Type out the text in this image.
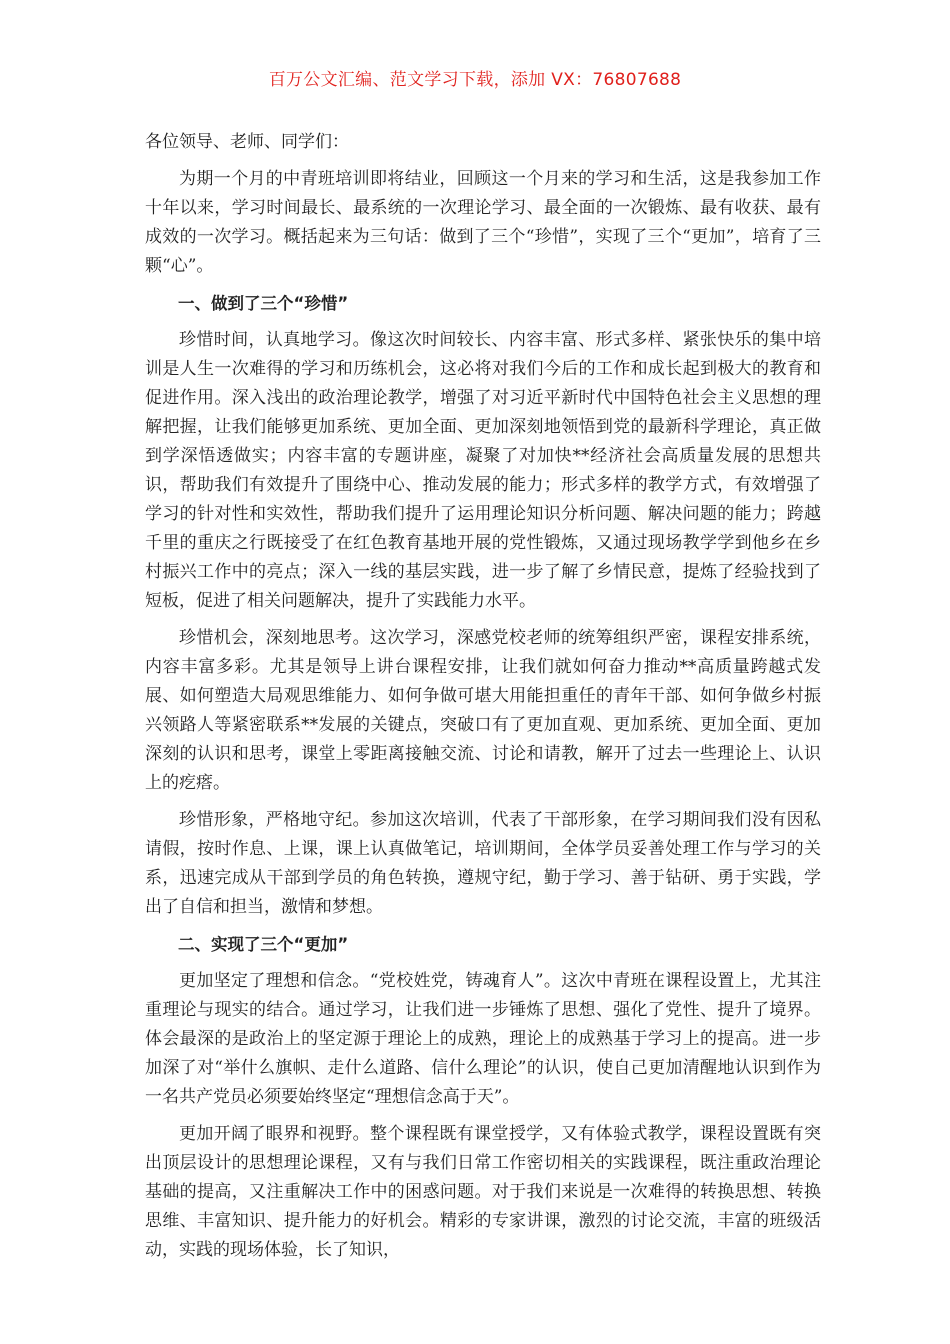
百万公文汇编、范文学习下载，添加 VX：76807688

各位领导、老师、同学们：

为期一个月的中青班培训即将结业，回顾这一个月来的学习和生活，这是我参加工作十年以来，学习时间最长、最系统的一次理论学习、最全面的一次锻炼、最有收获、最有成效的一次学习。概括起来为三句话：做到了三个“珍惜”，实现了三个“更加”，培育了三颗“心”。

一、做到了三个“珍惜”

珍惜时间，认真地学习。像这次时间较长、内容丰富、形式多样、紧张快乐的集中培训是人生一次难得的学习和历练机会，这必将对我们今后的工作和成长起到极大的教育和促进作用。深入浅出的政治理论教学，增强了对习近平新时代中国特色社会主义思想的理解把握，让我们能够更加系统、更加全面、更加深刻地领悟到党的最新科学理论，真正做到学深悟透做实；内容丰富的专题讲座，凝聚了对加快**经济社会高质量发展的思想共识，帮助我们有效提升了围绕中心、推动发展的能力；形式多样的教学方式，有效增强了学习的针对性和实效性，帮助我们提升了运用理论知识分析问题、解决问题的能力；跨越千里的重庆之行既接受了在红色教育基地开展的党性锻炼，又通过现场教学学到他乡在乡村振兴工作中的亮点；深入一线的基层实践，进一步了解了乡情民意，提炼了经验找到了短板，促进了相关问题解决，提升了实践能力水平。

珍惜机会，深刻地思考。这次学习，深感党校老师的统筹组织严密，课程安排系统，内容丰富多彩。尤其是领导上讲台课程安排，让我们就如何奋力推动**高质量跨越式发展、如何塑造大局观思维能力、如何争做可堪大用能担重任的青年干部、如何争做乡村振兴领路人等紧密联系**发展的关键点，突破口有了更加直观、更加系统、更加全面、更加深刻的认识和思考，课堂上零距离接触交流、讨论和请教，解开了过去一些理论上、认识上的疙瘩。

珍惜形象，严格地守纪。参加这次培训，代表了干部形象，在学习期间我们没有因私请假，按时作息、上课，课上认真做笔记，培训期间，全体学员妥善处理工作与学习的关系，迅速完成从干部到学员的角色转换，遵规守纪，勤于学习、善于钻研、勇于实践，学出了自信和担当，激情和梦想。

二、实现了三个“更加”

更加坚定了理想和信念。“党校姓党，铸魂育人”。这次中青班在课程设置上，尤其注重理论与现实的结合。通过学习，让我们进一步锤炼了思想、强化了党性、提升了境界。体会最深的是政治上的坚定源于理论上的成熟，理论上的成熟基于学习上的提高。进一步加深了对“举什么旗帜、走什么道路、信什么理论”的认识，使自己更加清醒地认识到作为一名共产党员必须要始终坚定“理想信念高于天”。

更加开阔了眼界和视野。整个课程既有课堂授学，又有体验式教学，课程设置既有突出顶层设计的思想理论课程，又有与我们日常工作密切相关的实践课程，既注重政治理论基础的提高，又注重解决工作中的困惑问题。对于我们来说是一次难得的转换思想、转换思维、丰富知识、提升能力的好机会。精彩的专家讲课，激烈的讨论交流，丰富的班级活动，实践的现场体验，长了知识，
